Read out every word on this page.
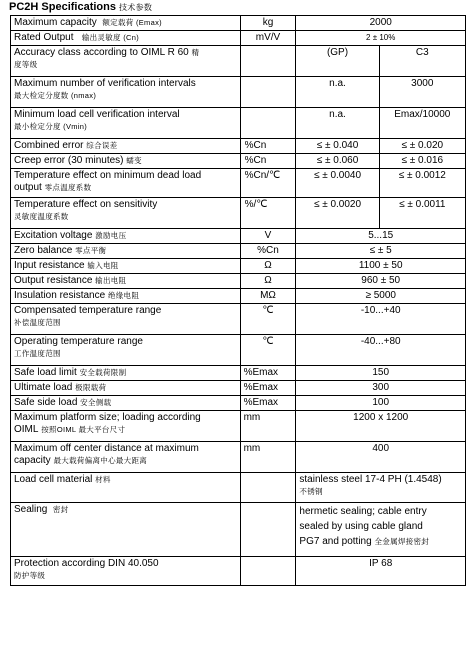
PC2H Specifications 技术参数
Maximum capacity 额定载荷 (Emax)	kg	2000	
Rated Output 输出灵敏度 (Cn)	mV/V	2 ± 10%	
Accuracy class according to OIML R 60 精
度等级		(GP)	C3
Maximum number of verification intervals
最大检定分度数 (nmax)		n.a.	3000
Minimum load cell verification interval
最小检定分度 (Vmin)		n.a.	Emax/10000
Combined error 综合误差	%Cn	≤ ± 0.040	≤ ± 0.020
Creep error (30 minutes) 蠕变	%Cn	≤ ± 0.060	≤ ± 0.016
Temperature effect on minimum dead load
output 零点温度系数	%Cn/℃	≤ ± 0.0040	≤ ± 0.0012
Temperature effect on sensitivity
灵敏度温度系数	%/℃	≤ ± 0.0020	≤ ± 0.0011
Excitation voltage 激励电压	V	5...15	
Zero balance 零点平衡	%Cn	≤ ± 5	
Input resistance 输入电阻	Ω	1100 ± 50	
Output resistance 输出电阻	Ω	960 ± 50	
Insulation resistance 绝缘电阻	MΩ	≥ 5000	
Compensated temperature range
补偿温度范围	℃	-10...+40	
Operating temperature range
工作温度范围	℃	-40...+80	
Safe load limit 安全载荷限制	%Emax	150	
Ultimate load 极限载荷	%Emax	300	
Safe side load 安全侧载	%Emax	100	
Maximum platform size; loading according
OIML 按照OIML 最大平台尺寸	mm	1200 x 1200	
Maximum off center distance at maximum
capacity 最大载荷偏离中心最大距离	mm	400	
Load cell material 材料		stainless steel 17-4 PH (1.4548)
不锈钢	
Sealing 密封		hermetic sealing; cable entry
sealed by using cable gland
PG7 and potting 全金属焊接密封	
Protection according DIN 40.050
防护等级		IP 68	
